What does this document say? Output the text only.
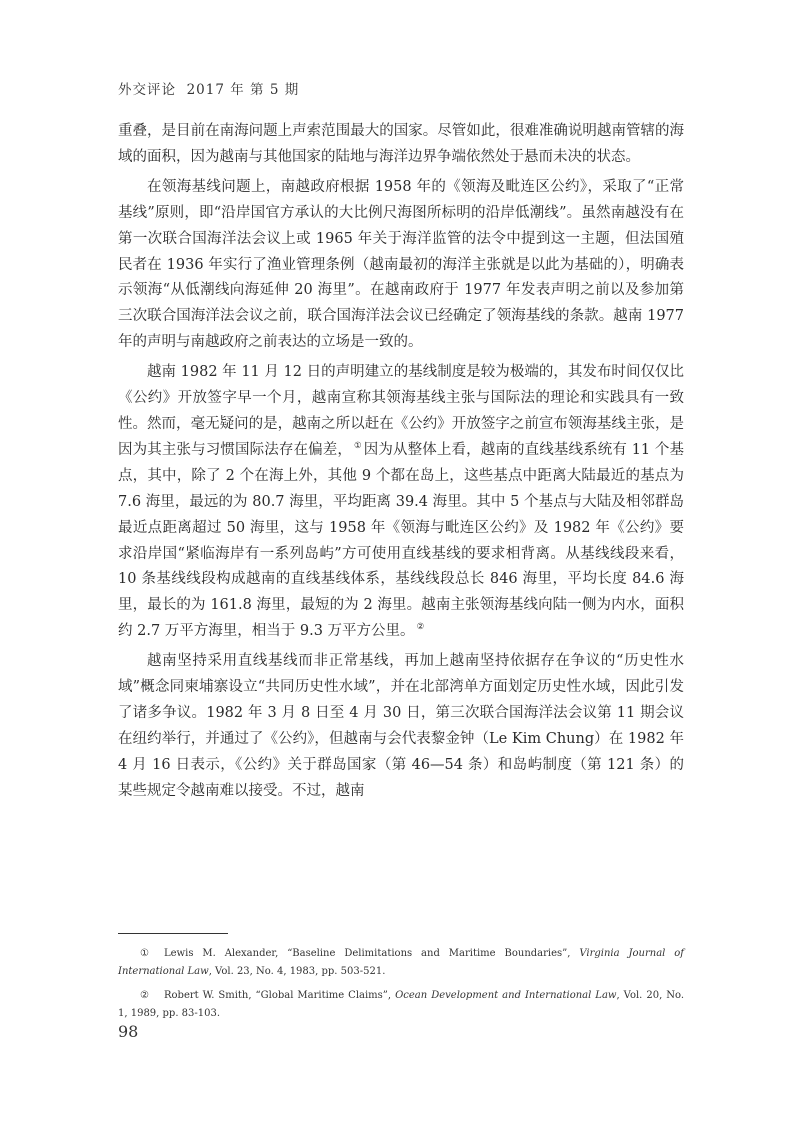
外交评论  2017 年 第 5 期

重叠，是目前在南海问题上声索范围最大的国家。尽管如此，很难准确说明越南管辖的海域的面积，因为越南与其他国家的陆地与海洋边界争端依然处于悬而未决的状态。

在领海基线问题上，南越政府根据 1958 年的《领海及毗连区公约》，采取了“正常基线”原则，即“沿岸国官方承认的大比例尺海图所标明的沿岸低潮线”。虽然南越没有在第一次联合国海洋法会议上或 1965 年关于海洋监管的法令中提到这一主题，但法国殖民者在 1936 年实行了渔业管理条例（越南最初的海洋主张就是以此为基础的），明确表示领海“从低潮线向海延伸 20 海里”。在越南政府于 1977 年发表声明之前以及参加第三次联合国海洋法会议之前，联合国海洋法会议已经确定了领海基线的条款。越南 1977 年的声明与南越政府之前表达的立场是一致的。

越南 1982 年 11 月 12 日的声明建立的基线制度是较为极端的，其发布时间仅仅比《公约》开放签字早一个月，越南宣称其领海基线主张与国际法的理论和实践具有一致性。然而，毫无疑问的是，越南之所以赶在《公约》开放签字之前宣布领海基线主张，是因为其主张与习惯国际法存在偏差， ① 因为从整体上看，越南的直线基线系统有 11 个基点，其中，除了 2 个在海上外，其他 9 个都在岛上，这些基点中距离大陆最近的基点为 7.6 海里，最远的为 80.7 海里，平均距离 39.4 海里。其中 5 个基点与大陆及相邻群岛最近点距离超过 50 海里，这与 1958 年《领海与毗连区公约》及 1982 年《公约》要求沿岸国“紧临海岸有一系列岛屿”方可使用直线基线的要求相背离。从基线线段来看，10 条基线线段构成越南的直线基线体系，基线线段总长 846 海里，平均长度 84.6 海里，最长的为 161.8 海里，最短的为 2 海里。越南主张领海基线向陆一侧为内水，面积约 2.7 万平方海里，相当于 9.3 万平方公里。 ②

越南坚持采用直线基线而非正常基线，再加上越南坚持依据存在争议的“历史性水域”概念同柬埔寨设立“共同历史性水域”，并在北部湾单方面划定历史性水域，因此引发了诸多争议。1982 年 3 月 8 日至 4 月 30 日，第三次联合国海洋法会议第 11 期会议在纽约举行，并通过了《公约》，但越南与会代表黎金钟（Le Kim Chung）在 1982 年 4 月 16 日表示，《公约》关于群岛国家（第 46—54 条）和岛屿制度（第 121 条）的某些规定令越南难以接受。不过，越南

① Lewis M. Alexander, “Baseline Delimitations and Maritime Boundaries”, Virginia Journal of International Law, Vol. 23, No. 4, 1983, pp. 503-521.

② Robert W. Smith, “Global Maritime Claims”, Ocean Development and International Law, Vol. 20, No. 1, 1989, pp. 83-103.

98
